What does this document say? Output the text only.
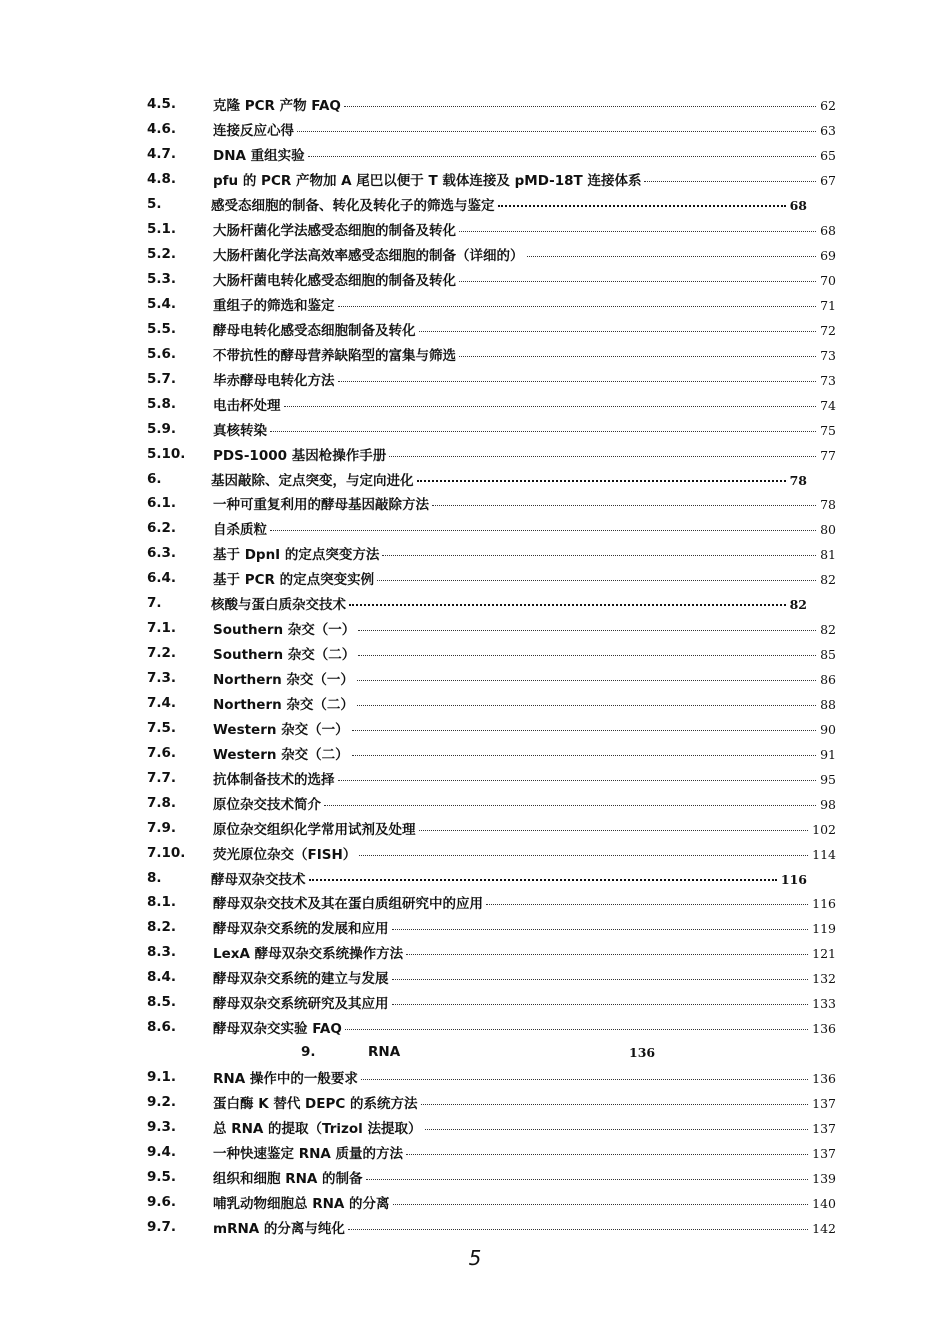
4.5.	克隆 PCR 产物 FAQ	62
4.6.	连接反应心得	63
4.7.	DNA 重组实验	65
4.8.	pfu 的 PCR 产物加 A 尾巴以便于 T 载体连接及 pMD-18T 连接体系	67
5.	感受态细胞的制备、转化及转化子的筛选与鉴定	68
5.1.	大肠杆菌化学法感受态细胞的制备及转化	68
5.2.	大肠杆菌化学法高效率感受态细胞的制备（详细的）	69
5.3.	大肠杆菌电转化感受态细胞的制备及转化	70
5.4.	重组子的筛选和鉴定	71
5.5.	酵母电转化感受态细胞制备及转化	72
5.6.	不带抗性的酵母营养缺陷型的富集与筛选	73
5.7.	毕赤酵母电转化方法	73
5.8.	电击杯处理	74
5.9.	真核转染	75
5.10.	PDS-1000 基因枪操作手册	77
6.	基因敲除、定点突变，与定向进化	78
6.1.	一种可重复利用的酵母基因敲除方法	78
6.2.	自杀质粒	80
6.3.	基于 DpnI 的定点突变方法	81
6.4.	基于 PCR 的定点突变实例	82
7.	核酸与蛋白质杂交技术	82
7.1.	Southern 杂交（一）	82
7.2.	Southern 杂交（二）	85
7.3.	Northern 杂交（一）	86
7.4.	Northern 杂交（二）	88
7.5.	Western 杂交（一）	90
7.6.	Western 杂交（二）	91
7.7.	抗体制备技术的选择	95
7.8.	原位杂交技术简介	98
7.9.	原位杂交组织化学常用试剂及处理	102
7.10.	荧光原位杂交（FISH）	114
8.	酵母双杂交技术	116
8.1.	酵母双杂交技术及其在蛋白质组研究中的应用	116
8.2.	酵母双杂交系统的发展和应用	119
8.3.	LexA 酵母双杂交系统操作方法	121
8.4.	酵母双杂交系统的建立与发展	132
8.5.	酵母双杂交系统研究及其应用	133
8.6.	酵母双杂交实验 FAQ	136
9.	RNA	136
9.1.	RNA 操作中的一般要求	136
9.2.	蛋白酶 K 替代 DEPC 的系统方法	137
9.3.	总 RNA 的提取（Trizol 法提取）	137
9.4.	一种快速鉴定 RNA 质量的方法	137
9.5.	组织和细胞 RNA 的制备	139
9.6.	哺乳动物细胞总 RNA 的分离	140
9.7.	mRNA 的分离与纯化	142
5
